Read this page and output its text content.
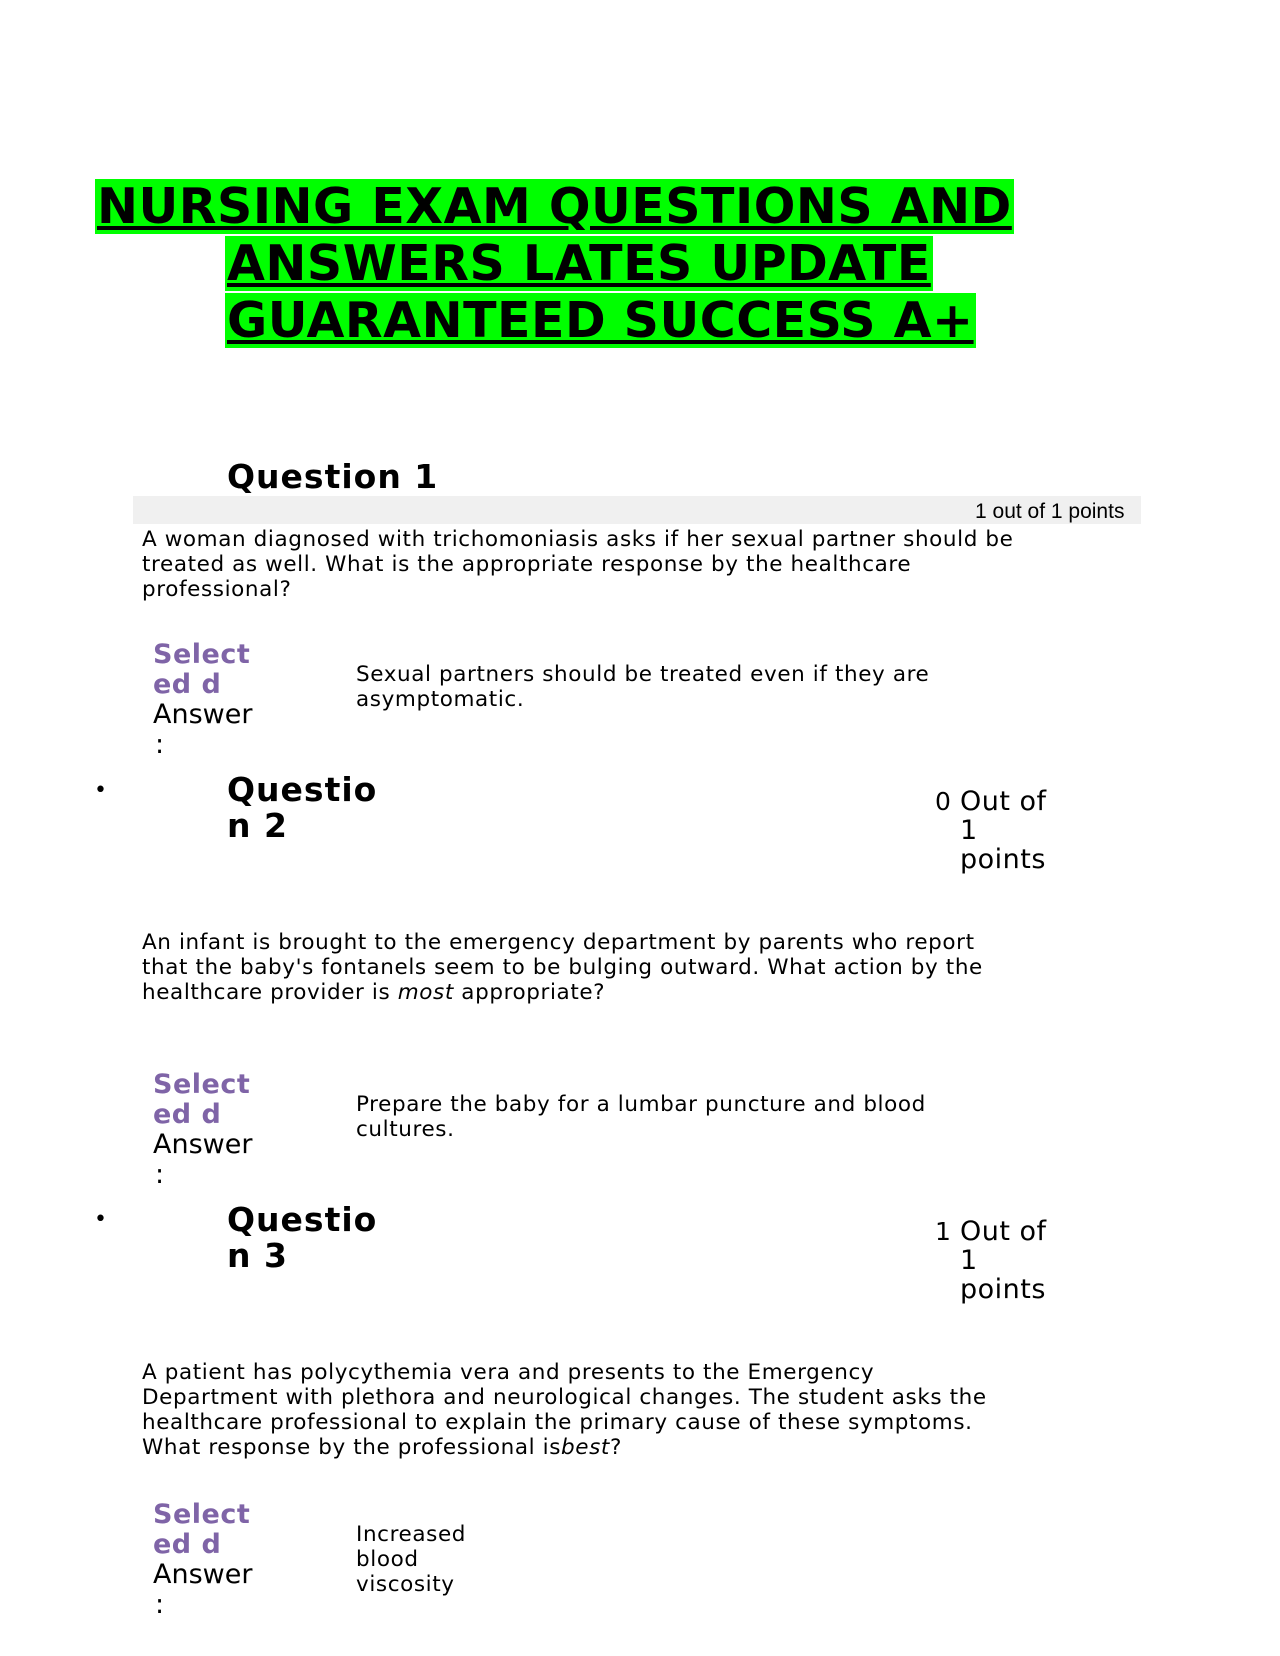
NURSING EXAM QUESTIONS AND
ANSWERS LATES UPDATE
GUARANTEED SUCCESS A+
Question 1
1 out of 1 points
A woman diagnosed with trichomoniasis asks if her sexual partner should be treated as well. What is the appropriate response by the healthcare professional?
Select
ed d
Answer
:
Sexual partners should be treated even if they are asymptomatic.
•	Question 2
0 Out of 1 points
An infant is brought to the emergency department by parents who report that the baby's fontanels seem to be bulging outward. What action by the healthcare provider is most appropriate?
Select
ed d
Answer
:
Prepare the baby for a lumbar puncture and blood cultures.
•	Question 3
1 Out of 1 points
A patient has polycythemia vera and presents to the Emergency Department with plethora and neurological changes. The student asks the healthcare professional to explain the primary cause of these symptoms. What response by the professional isbest?
Select
ed d
Answer
:
Increased blood viscosity
